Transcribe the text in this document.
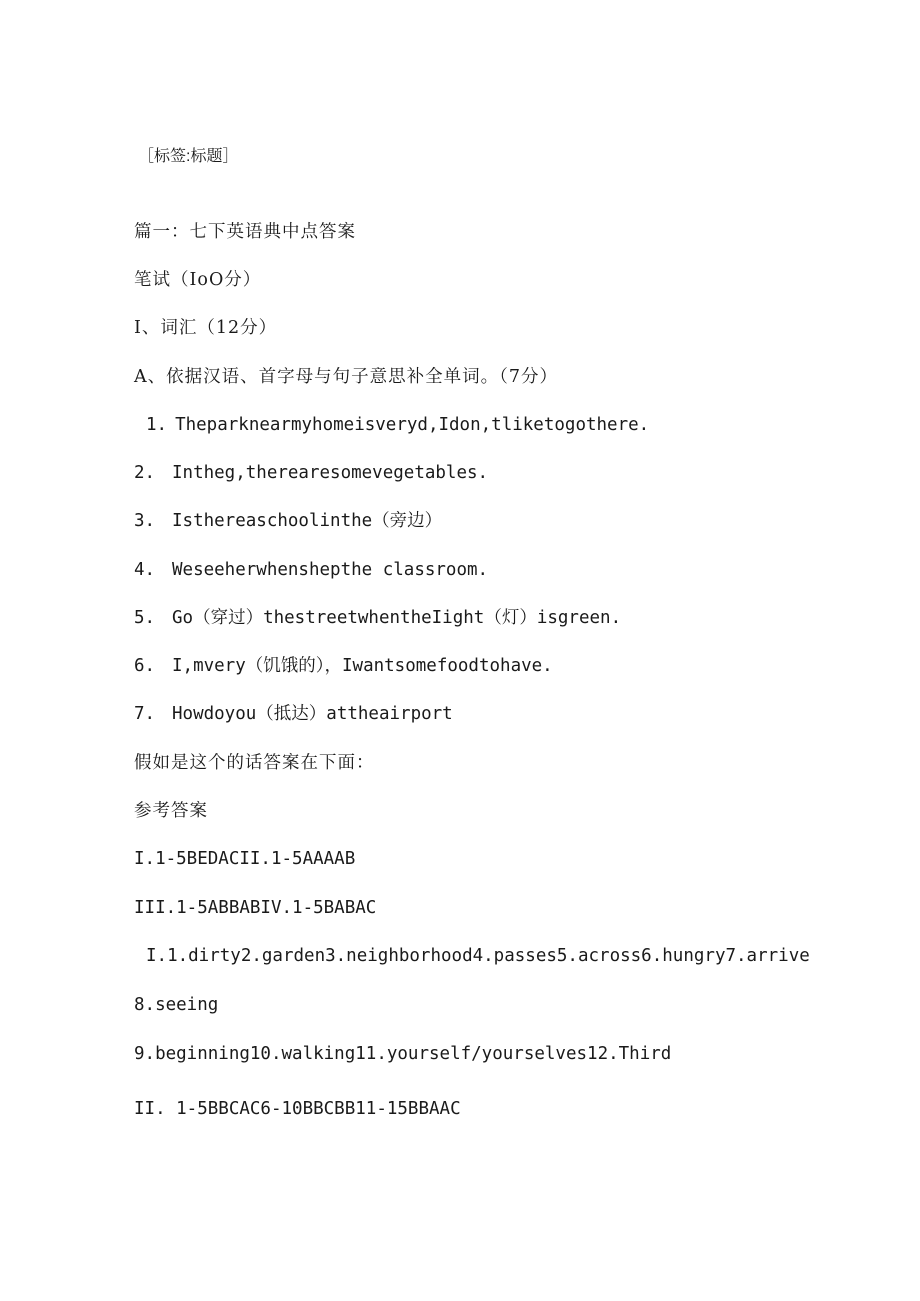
［标签:标题］
篇一：七下英语典中点答案
笔试（IoO分）
I、词汇（12分）
A、依据汉语、首字母与句子意思补全单词。（7分）
1. Theparknearmyhomeisveryd,Idon,tliketogothere.
2. Intheg,therearesomevegetables.
3. Isthereaschoolinthe（旁边）
4. Weseeherwhenshepthe classroom.
5. Go（穿过）thestreetwhentheIight（灯）isgreen.
6. I,mvery（饥饿的），Iwantsomefoodtohave.
7. Howdoyou（抵达）attheairport
假如是这个的话答案在下面：
参考答案
I.1-5BEDACII.1-5AAAAB
III.1-5ABBABIV.1-5BABAC
I.1.dirty2.garden3.neighborhood4.passes5.across6.hungry7.arrive
8.seeing
9.beginning10.walking11.yourself/yourselves12.Third
II. 1-5BBCAC6-10BBCBB11-15BBAAC
